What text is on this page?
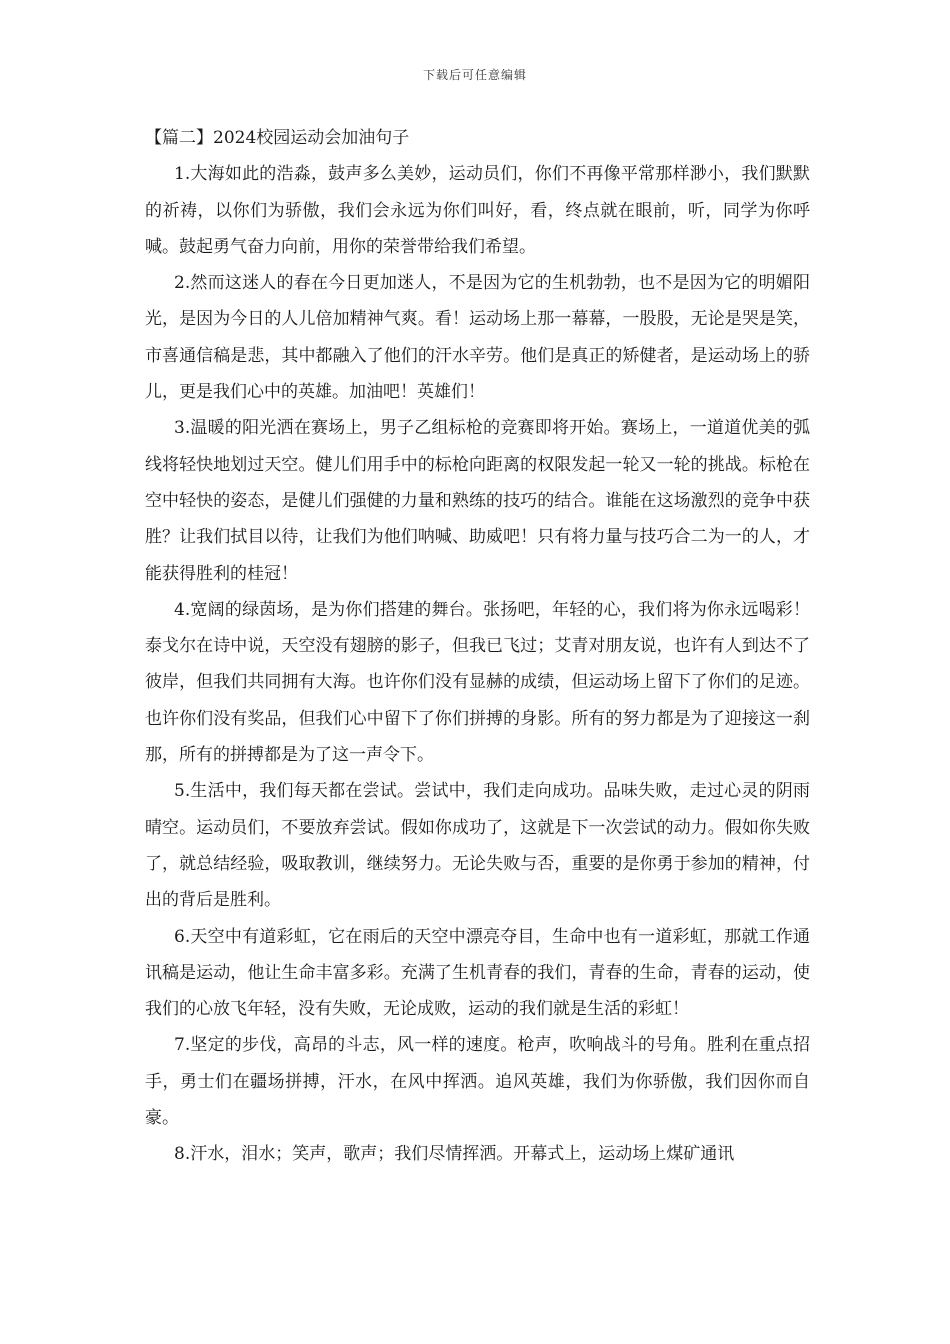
下载后可任意编辑
【篇二】2024校园运动会加油句子

1.大海如此的浩淼，鼓声多么美妙，运动员们，你们不再像平常那样渺小，我们默默的祈祷，以你们为骄傲，我们会永远为你们叫好，看，终点就在眼前，听，同学为你呼喊。鼓起勇气奋力向前，用你的荣誉带给我们希望。

2.然而这迷人的春在今日更加迷人，不是因为它的生机勃勃，也不是因为它的明媚阳光，是因为今日的人儿倍加精神气爽。看！运动场上那一幕幕，一股股，无论是哭是笑，市喜通信稿是悲，其中都融入了他们的汗水辛劳。他们是真正的矫健者，是运动场上的骄儿，更是我们心中的英雄。加油吧！英雄们！

3.温暖的阳光洒在赛场上，男子乙组标枪的竞赛即将开始。赛场上，一道道优美的弧线将轻快地划过天空。健儿们用手中的标枪向距离的权限发起一轮又一轮的挑战。标枪在空中轻快的姿态，是健儿们强健的力量和熟练的技巧的结合。谁能在这场激烈的竞争中获胜？让我们拭目以待，让我们为他们呐喊、助威吧！只有将力量与技巧合二为一的人，才能获得胜利的桂冠！

4.宽阔的绿茵场，是为你们搭建的舞台。张扬吧，年轻的心，我们将为你永远喝彩！泰戈尔在诗中说，天空没有翅膀的影子，但我已飞过；艾青对朋友说，也许有人到达不了彼岸，但我们共同拥有大海。也许你们没有显赫的成绩，但运动场上留下了你们的足迹。也许你们没有奖品，但我们心中留下了你们拼搏的身影。所有的努力都是为了迎接这一刹那，所有的拼搏都是为了这一声令下。

5.生活中，我们每天都在尝试。尝试中，我们走向成功。品味失败，走过心灵的阴雨晴空。运动员们，不要放弃尝试。假如你成功了，这就是下一次尝试的动力。假如你失败了，就总结经验，吸取教训，继续努力。无论失败与否，重要的是你勇于参加的精神，付出的背后是胜利。

6.天空中有道彩虹，它在雨后的天空中漂亮夺目，生命中也有一道彩虹，那就工作通讯稿是运动，他让生命丰富多彩。充满了生机青春的我们，青春的生命，青春的运动，使我们的心放飞年轻，没有失败，无论成败，运动的我们就是生活的彩虹！

7.坚定的步伐，高昂的斗志，风一样的速度。枪声，吹响战斗的号角。胜利在重点招手，勇士们在疆场拼搏，汗水，在风中挥洒。追风英雄，我们为你骄傲，我们因你而自豪。

8.汗水，泪水；笑声，歌声；我们尽情挥洒。开幕式上，运动场上煤矿通讯
